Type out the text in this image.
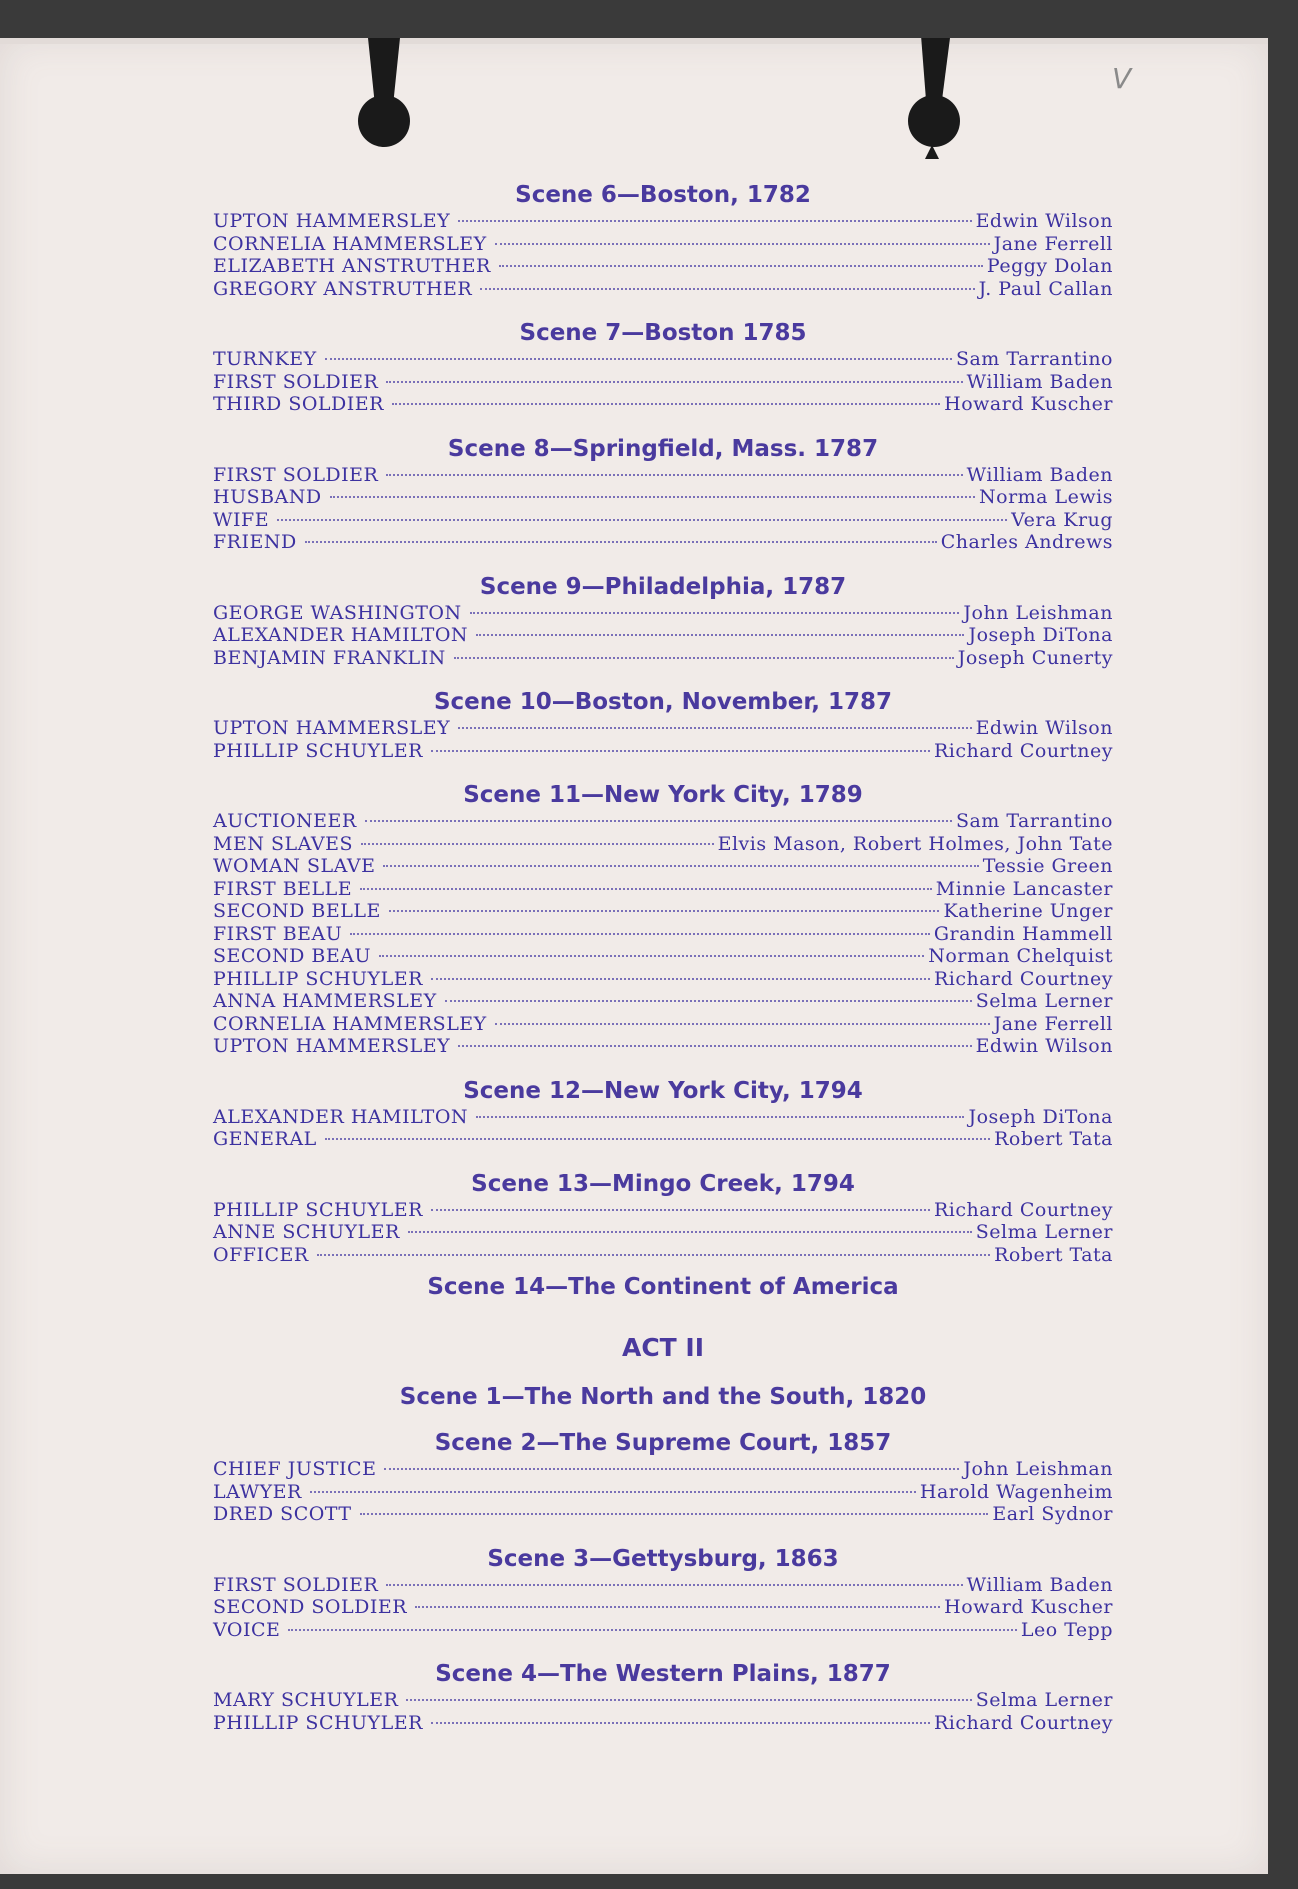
V
Scene 6—Boston, 1782
UPTON HAMMERSLEY	Edwin Wilson
CORNELIA HAMMERSLEY	Jane Ferrell
ELIZABETH ANSTRUTHER	Peggy Dolan
GREGORY ANSTRUTHER	J. Paul Callan
Scene 7—Boston 1785
TURNKEY	Sam Tarrantino
FIRST SOLDIER	William Baden
THIRD SOLDIER	Howard Kuscher
Scene 8—Springfield, Mass. 1787
FIRST SOLDIER	William Baden
HUSBAND	Norma Lewis
WIFE	Vera Krug
FRIEND	Charles Andrews
Scene 9—Philadelphia, 1787
GEORGE WASHINGTON	John Leishman
ALEXANDER HAMILTON	Joseph DiTona
BENJAMIN FRANKLIN	Joseph Cunerty
Scene 10—Boston, November, 1787
UPTON HAMMERSLEY	Edwin Wilson
PHILLIP SCHUYLER	Richard Courtney
Scene 11—New York City, 1789
AUCTIONEER	Sam Tarrantino
MEN SLAVES	Elvis Mason, Robert Holmes, John Tate
WOMAN SLAVE	Tessie Green
FIRST BELLE	Minnie Lancaster
SECOND BELLE	Katherine Unger
FIRST BEAU	Grandin Hammell
SECOND BEAU	Norman Chelquist
PHILLIP SCHUYLER	Richard Courtney
ANNA HAMMERSLEY	Selma Lerner
CORNELIA HAMMERSLEY	Jane Ferrell
UPTON HAMMERSLEY	Edwin Wilson
Scene 12—New York City, 1794
ALEXANDER HAMILTON	Joseph DiTona
GENERAL	Robert Tata
Scene 13—Mingo Creek, 1794
PHILLIP SCHUYLER	Richard Courtney
ANNE SCHUYLER	Selma Lerner
OFFICER	Robert Tata
Scene 14—The Continent of America
ACT II
Scene 1—The North and the South, 1820
Scene 2—The Supreme Court, 1857
CHIEF JUSTICE	John Leishman
LAWYER	Harold Wagenheim
DRED SCOTT	Earl Sydnor
Scene 3—Gettysburg, 1863
FIRST SOLDIER	William Baden
SECOND SOLDIER	Howard Kuscher
VOICE	Leo Tepp
Scene 4—The Western Plains, 1877
MARY SCHUYLER	Selma Lerner
PHILLIP SCHUYLER	Richard Courtney
